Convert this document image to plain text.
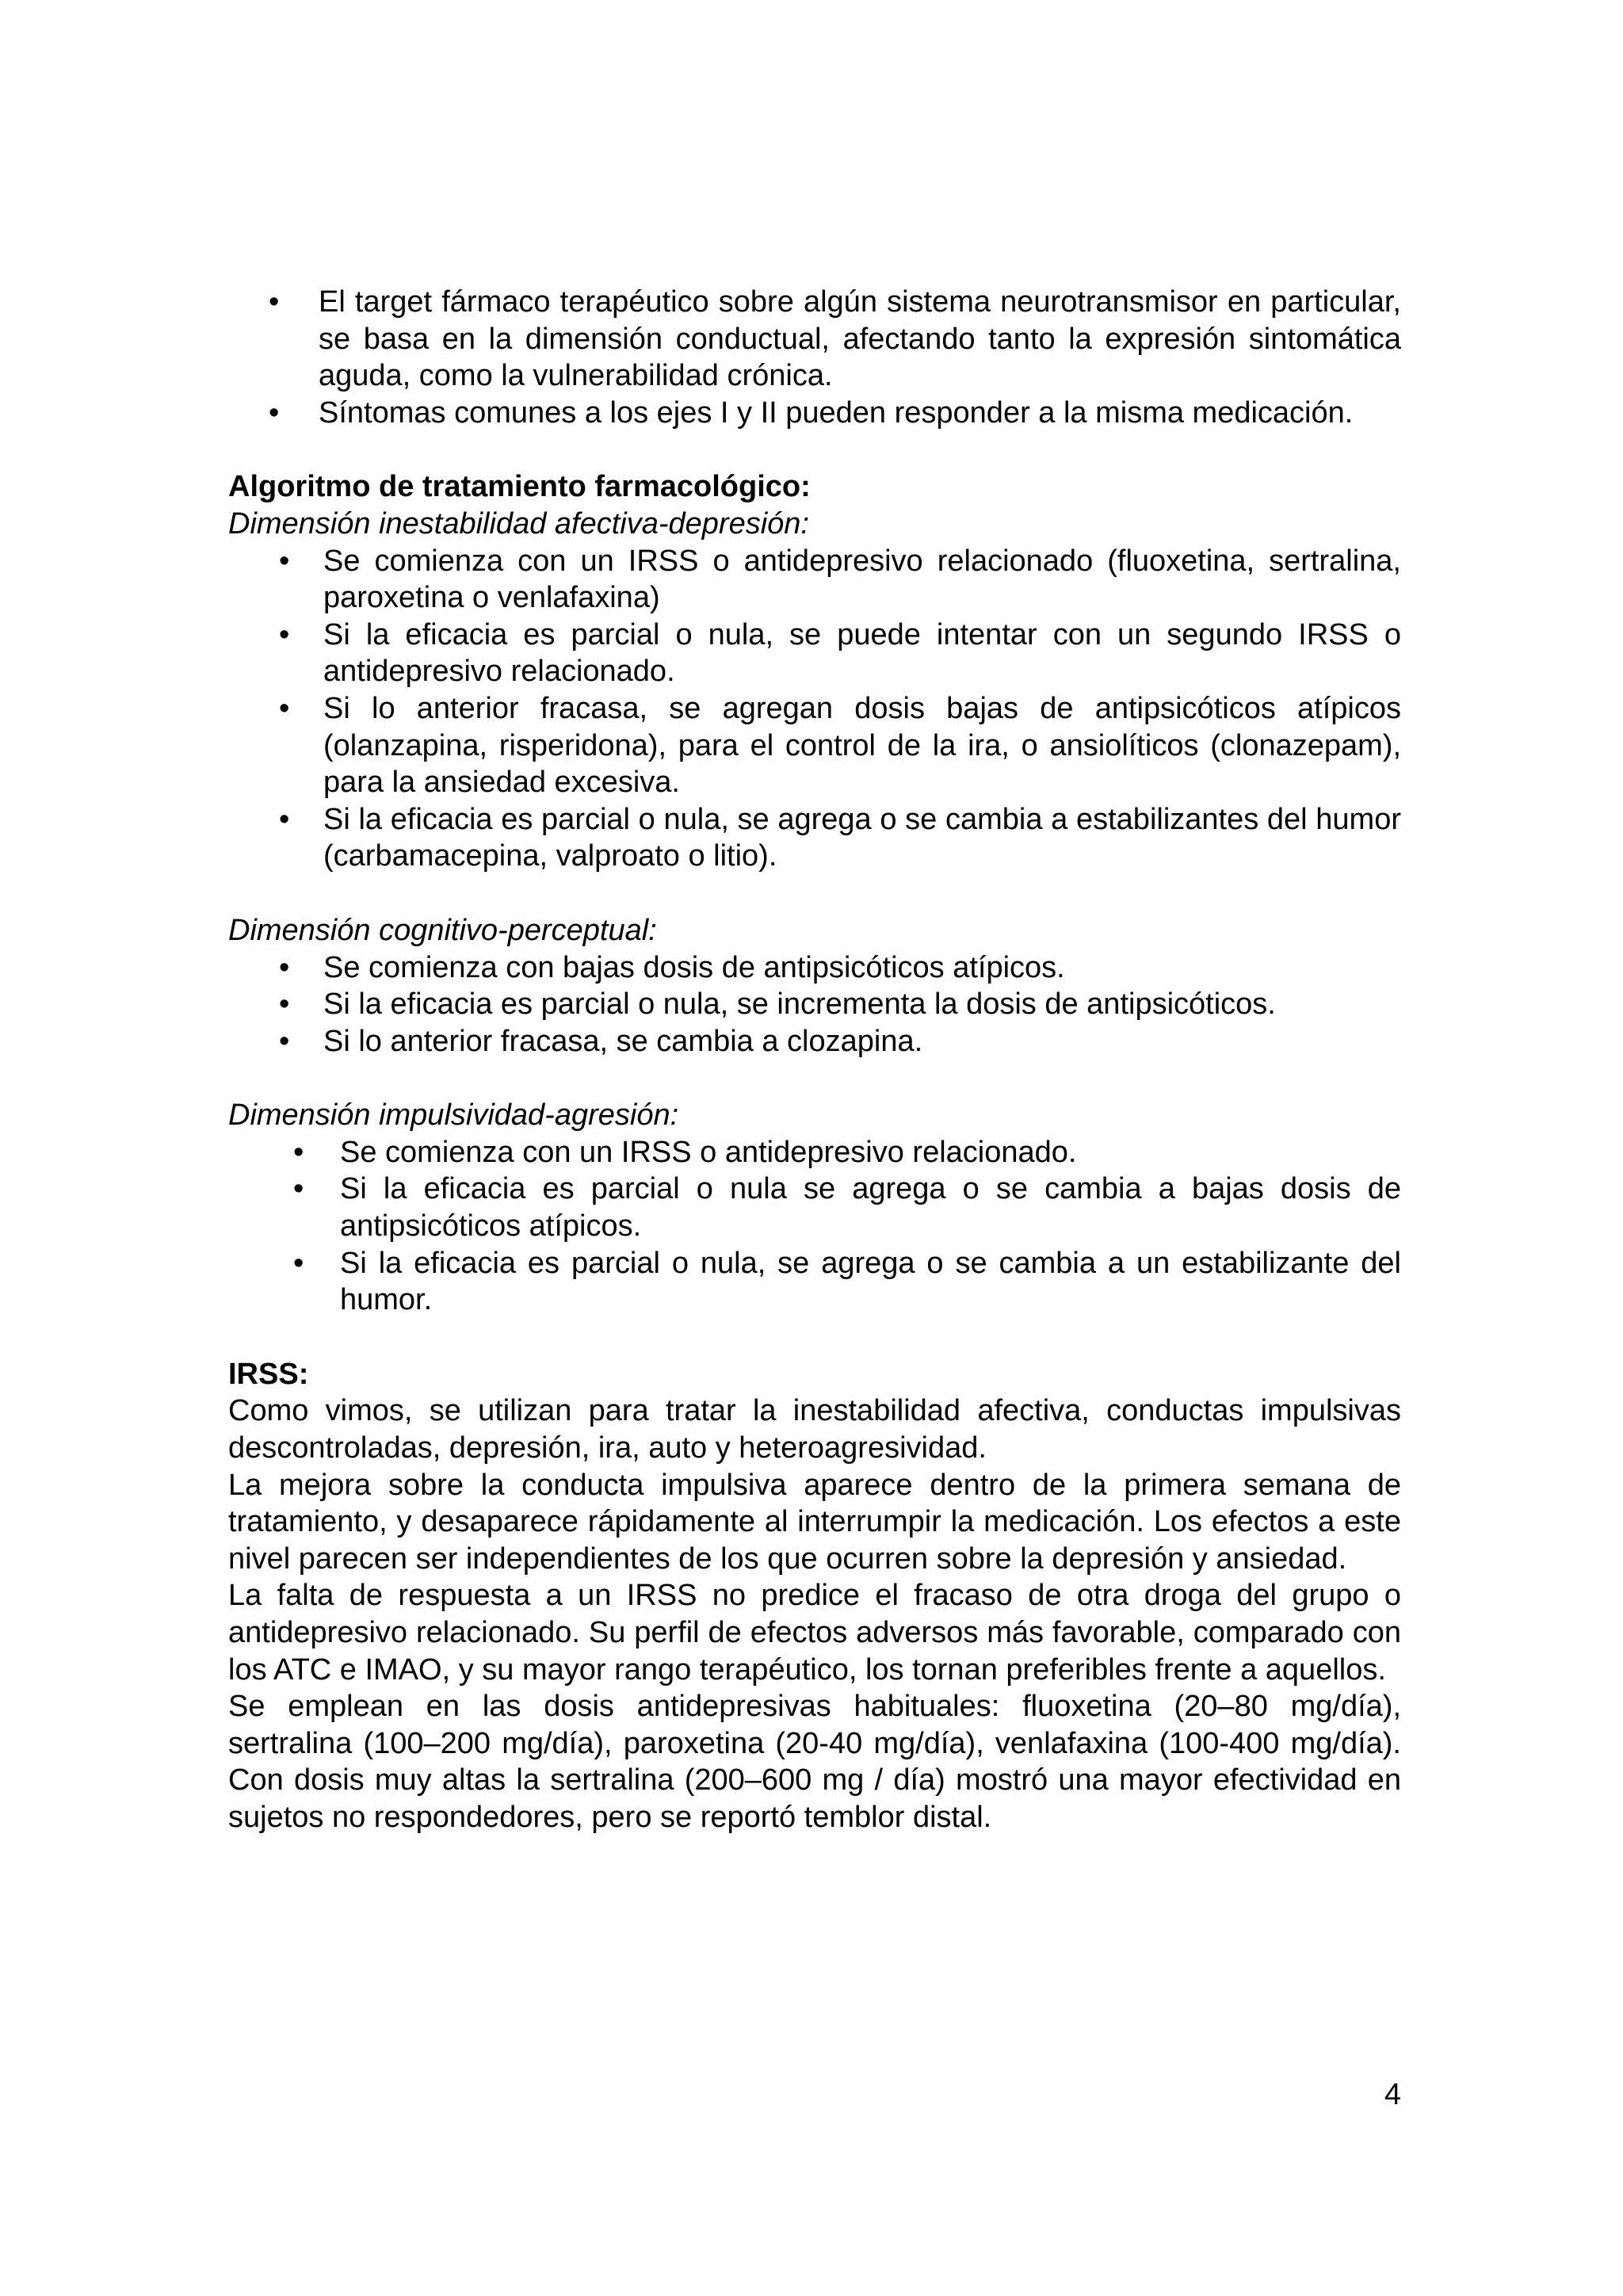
• El target fármaco terapéutico sobre algún sistema neurotransmisor en particular, se basa en la dimensión conductual, afectando tanto la expresión sintomática aguda, como la vulnerabilidad crónica.
• Síntomas comunes a los ejes I y II pueden responder a la misma medicación.

Algoritmo de tratamiento farmacológico:

Dimensión inestabilidad afectiva-depresión:

• Se comienza con un IRSS o antidepresivo relacionado (fluoxetina, sertralina, paroxetina o venlafaxina)
• Si la eficacia es parcial o nula, se puede intentar con un segundo IRSS o antidepresivo relacionado.
• Si lo anterior fracasa, se agregan dosis bajas de antipsicóticos atípicos (olanzapina, risperidona), para el control de la ira, o ansiolíticos (clonazepam), para la ansiedad excesiva.
• Si la eficacia es parcial o nula, se agrega o se cambia a estabilizantes del humor (carbamacepina, valproato o litio).

Dimensión cognitivo-perceptual:

• Se comienza con bajas dosis de antipsicóticos atípicos.
• Si la eficacia es parcial o nula, se incrementa la dosis de antipsicóticos.
• Si lo anterior fracasa, se cambia a clozapina.

Dimensión impulsividad-agresión:

• Se comienza con un IRSS o antidepresivo relacionado.
• Si la eficacia es parcial o nula se agrega o se cambia a bajas dosis de antipsicóticos atípicos.
• Si la eficacia es parcial o nula, se agrega o se cambia a un estabilizante del humor.

IRSS:

Como vimos, se utilizan para tratar la inestabilidad afectiva, conductas impulsivas descontroladas, depresión, ira, auto y heteroagresividad.

La mejora sobre la conducta impulsiva aparece dentro de la primera semana de tratamiento, y desaparece rápidamente al interrumpir la medicación. Los efectos a este nivel parecen ser independientes de los que ocurren sobre la depresión y ansiedad.

La falta de respuesta a un IRSS no predice el fracaso de otra droga del grupo o antidepresivo relacionado. Su perfil de efectos adversos más favorable, comparado con los ATC e IMAO, y su mayor rango terapéutico, los tornan preferibles frente a aquellos.

Se emplean en las dosis antidepresivas habituales: fluoxetina (20–80 mg/día), sertralina (100–200 mg/día), paroxetina (20-40 mg/día), venlafaxina (100-400 mg/día). Con dosis muy altas la sertralina (200–600 mg / día) mostró una mayor efectividad en sujetos no respondedores, pero se reportó temblor distal.

4
